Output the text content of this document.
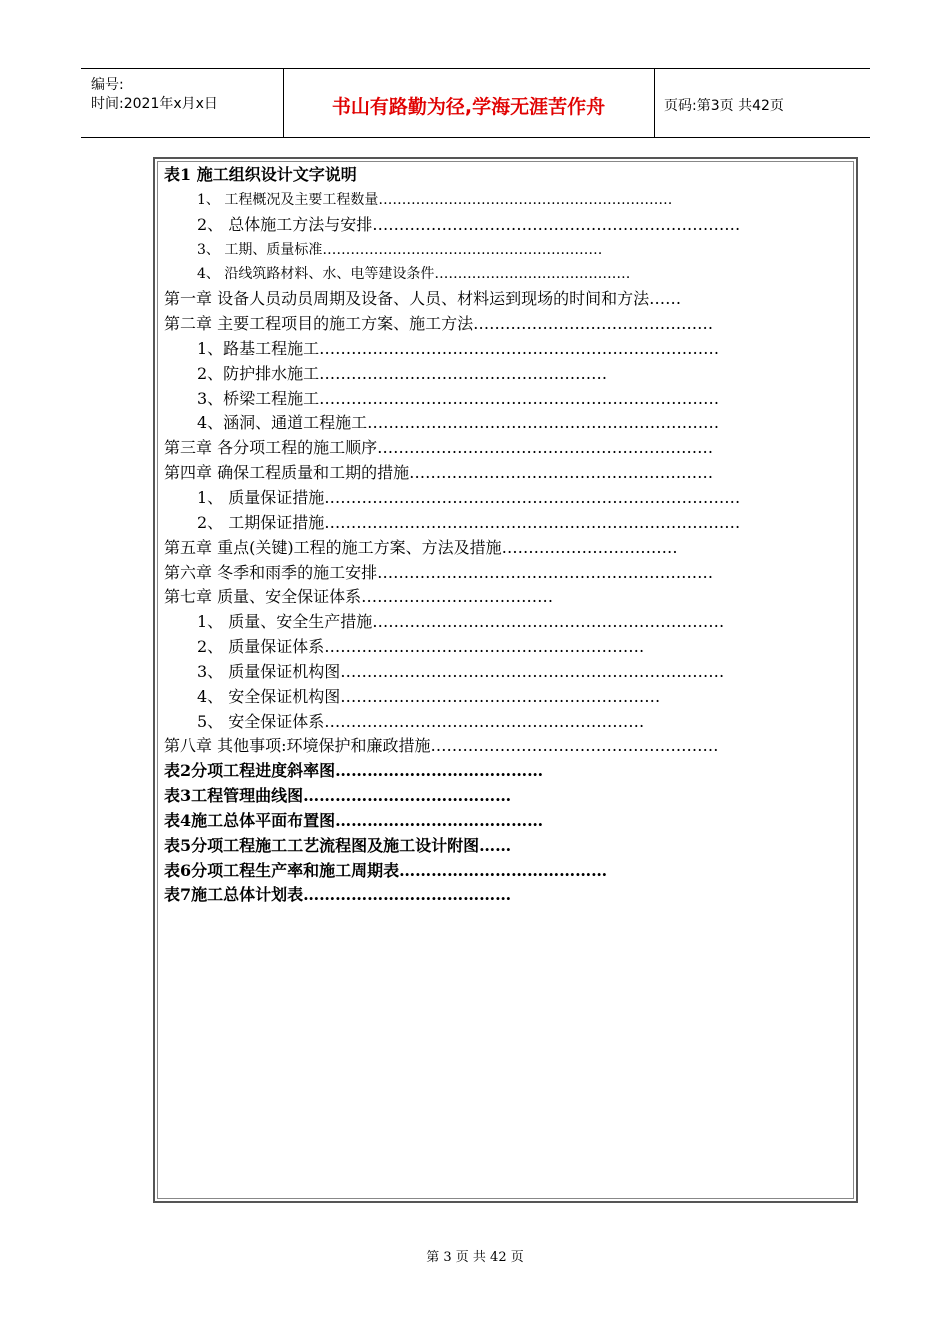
编号:
时间:2021年x月x日	书山有路勤为径,学海无涯苦作舟	页码:第3页 共42页
表1 施工组织设计文字说明
1、 工程概况及主要工程数量………………………………………………………
2、 总体施工方法与安排……………………………………………………………
3、 工期、质量标准……………………………………………………
4、 沿线筑路材料、水、电等建设条件……………………………………
第一章 设备人员动员周期及设备、人员、材料运到现场的时间和方法……
第二章 主要工程项目的施工方案、施工方法………………………………………
1、路基工程施工…………………………………………………………………
2、防护排水施工………………………………………………
3、桥梁工程施工…………………………………………………………………
4、涵洞、通道工程施工…………………………………………………………
第三章 各分项工程的施工顺序………………………………………………………
第四章 确保工程质量和工期的措施…………………………………………………
1、 质量保证措施……………………………………………………………………
2、 工期保证措施……………………………………………………………………
第五章 重点(关键)工程的施工方案、方法及措施……………………………
第六章 冬季和雨季的施工安排………………………………………………………
第七章 质量、安全保证体系………………………………
1、 质量、安全生产措施…………………………………………………………
2、 质量保证体系……………………………………………………
3、 质量保证机构图………………………………………………………………
4、 安全保证机构图……………………………………………………
5、 安全保证体系……………………………………………………
第八章 其他事项:环境保护和廉政措施………………………………………………
表2分项工程进度斜率图…………………………………
表3工程管理曲线图…………………………………
表4施工总体平面布置图…………………………………
表5分项工程施工工艺流程图及施工设计附图……
表6分项工程生产率和施工周期表…………………………………
表7施工总体计划表…………………………………
第 3 页 共 42 页
